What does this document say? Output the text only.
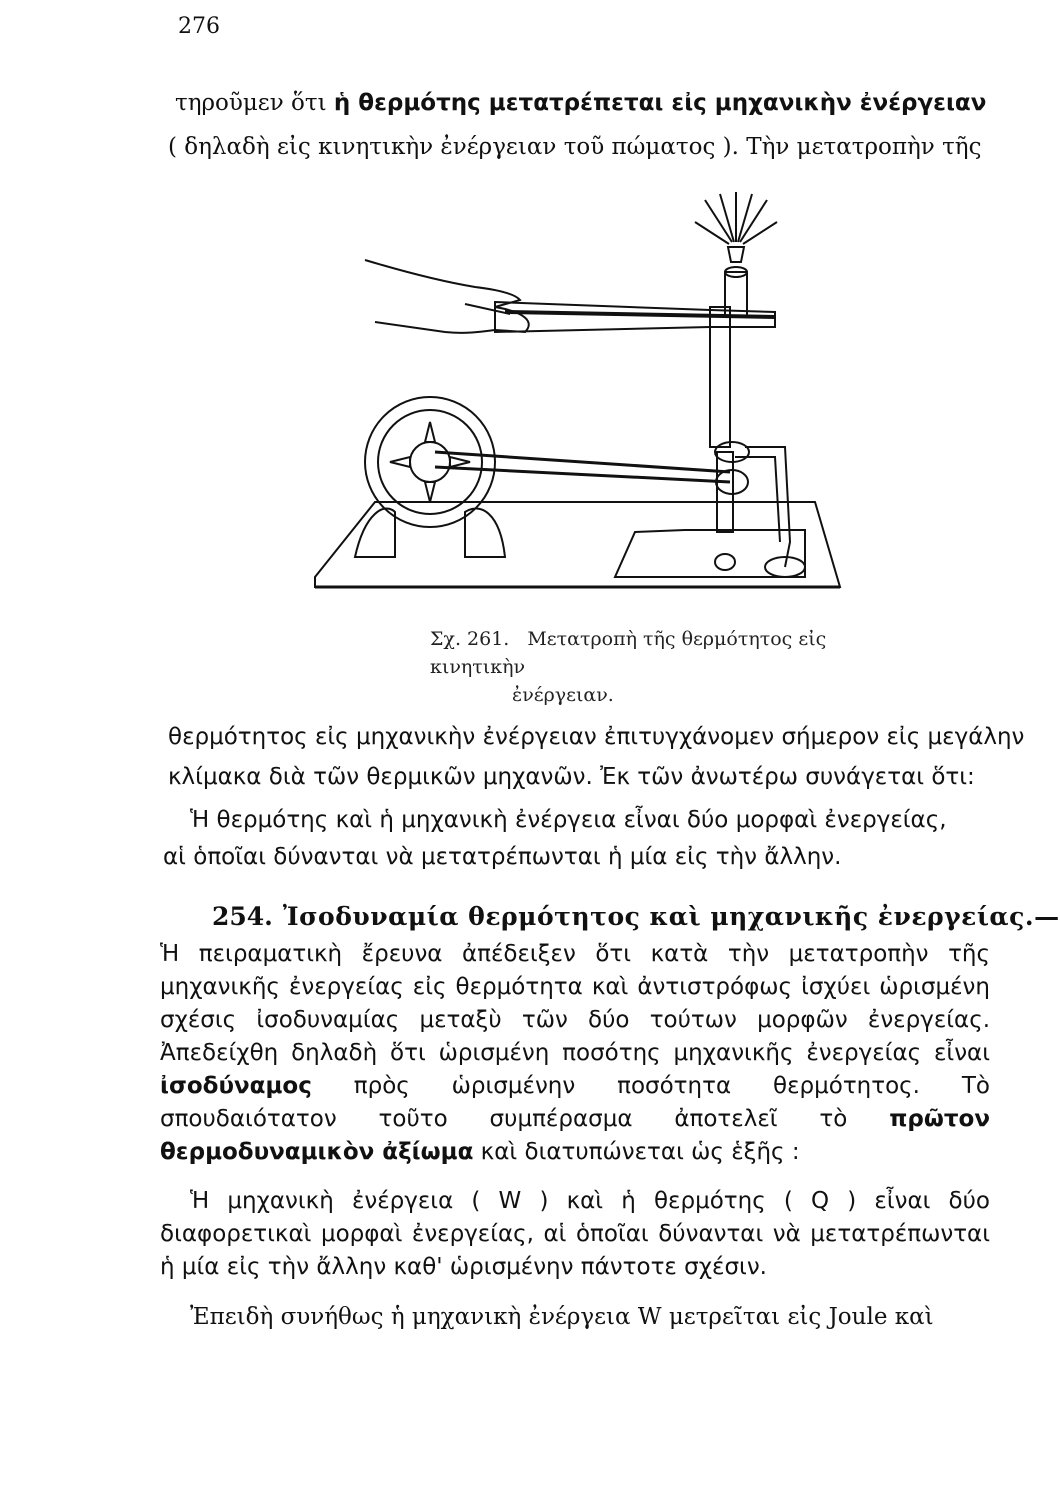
276
τηροῦμεν ὅτι ἡ θερμότης μετατρέπεται εἰς μηχανικὴν ἐνέργειαν
( δηλαδὴ εἰς κινητικὴν ἐνέργειαν τοῦ πώματος ). Τὴν μετατροπὴν τῆς
Σχ. 261. Μετατροπὴ τῆς θερμότητος εἰς κινητικὴν
ἐνέργειαν.
θερμότητος εἰς μηχανικὴν ἐνέργειαν ἐπιτυγχάνομεν σήμερον εἰς μεγάλην
κλίμακα διὰ τῶν θερμικῶν μηχανῶν. Ἐκ τῶν ἀνωτέρω συνάγεται ὅτι:
Ἡ θερμότης καὶ ἡ μηχανικὴ ἐνέργεια εἶναι δύο μορφαὶ ἐνεργείας,
αἱ ὁποῖαι δύνανται νὰ μετατρέπωνται ἡ μία εἰς τὴν ἄλλην.
254. Ἰσοδυναμία θερμότητος καὶ μηχανικῆς ἐνεργείας.—
Ἡ πειραματικὴ ἔρευνα ἀπέδειξεν ὅτι κατὰ τὴν μετατροπὴν τῆς μηχανικῆς ἐνεργείας εἰς θερμότητα καὶ ἀντιστρόφως ἰσχύει ὡρισμένη σχέσις ἰσοδυναμίας μεταξὺ τῶν δύο τούτων μορφῶν ἐνεργείας. Ἀπεδείχθη δηλαδὴ ὅτι ὡρισμένη ποσότης μηχανικῆς ἐνεργείας εἶναι ἰσοδύναμος πρὸς ὡρισμένην ποσότητα θερμότητος. Τὸ σπουδαιότατον τοῦτο συμπέρασμα ἀποτελεῖ τὸ πρῶτον θερμοδυναμικὸν ἀξίωμα καὶ διατυπώνεται ὡς ἑξῆς :
Ἡ μηχανικὴ ἐνέργεια ( W ) καὶ ἡ θερμότης ( Q ) εἶναι δύο διαφορετικαὶ μορφαὶ ἐνεργείας, αἱ ὁποῖαι δύνανται νὰ μετατρέπωνται ἡ μία εἰς τὴν ἄλλην καθ' ὡρισμένην πάντοτε σχέσιν.
Ἐπειδὴ συνήθως ἡ μηχανικὴ ἐνέργεια W μετρεῖται εἰς Joule καὶ
